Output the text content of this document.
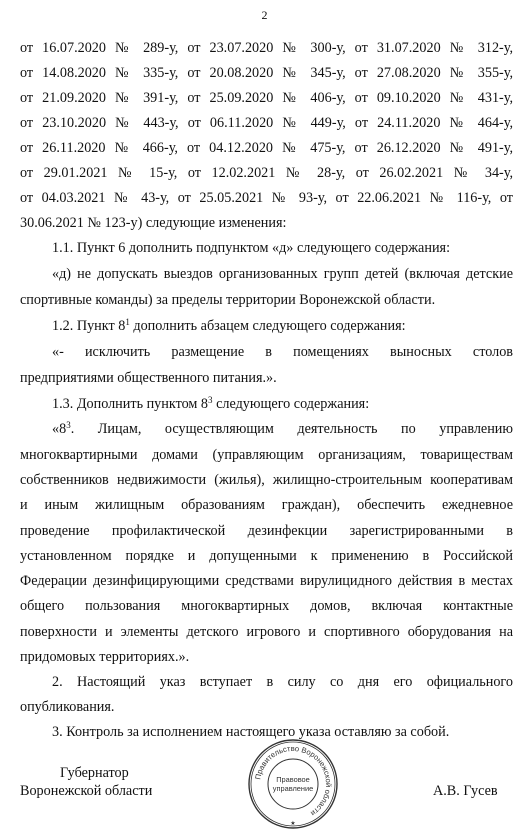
2
от 16.07.2020 № 289-у, от 23.07.2020 № 300-у, от 31.07.2020 № 312-у,
от 14.08.2020 № 335-у, от 20.08.2020 № 345-у, от 27.08.2020 № 355-у,
от 21.09.2020 № 391-у, от 25.09.2020 № 406-у, от 09.10.2020 № 431-у,
от 23.10.2020 № 443-у, от 06.11.2020 № 449-у, от 24.11.2020 № 464-у,
от 26.11.2020 № 466-у, от 04.12.2020 № 475-у, от 26.12.2020 № 491-у,
от 29.01.2021 № 15-у, от 12.02.2021 № 28-у, от 26.02.2021 № 34-у,
от 04.03.2021 № 43-у, от 25.05.2021 № 93-у, от 22.06.2021 № 116-у, от
30.06.2021 № 123-у) следующие изменения:
1.1. Пункт 6 дополнить подпунктом «д» следующего содержания:
«д) не допускать выездов организованных групп детей (включая детские
спортивные команды) за пределы территории Воронежской области.
1.2. Пункт $8^1$ дополнить абзацем следующего содержания:
«- исключить размещение в помещениях выносных столов
предприятиями общественного питания.».
1.3. Дополнить пунктом $8^3$ следующего содержания:
«$8^3$. Лицам, осуществляющим деятельность по управлению
многоквартирными домами (управляющим организациям, товариществам
собственников недвижимости (жилья), жилищно-строительным кооперативам
и иным жилищным образованиям граждан), обеспечить ежедневное
проведение профилактической дезинфекции зарегистрированными в
установленном порядке и допущенными к применению в Российской
Федерации дезинфицирующими средствами вирулицидного действия в местах
общего пользования многоквартирных домов, включая контактные
поверхности и элементы детского игрового и спортивного оборудования на
придомовых территориях.».
2. Настоящий указ вступает в силу со дня его официального
опубликования.
3. Контроль за исполнением настоящего указа оставляю за собой.
Губернатор
Воронежской области	А.В. Гусев
Правительство Воронежской области
Правовое
управление
★
